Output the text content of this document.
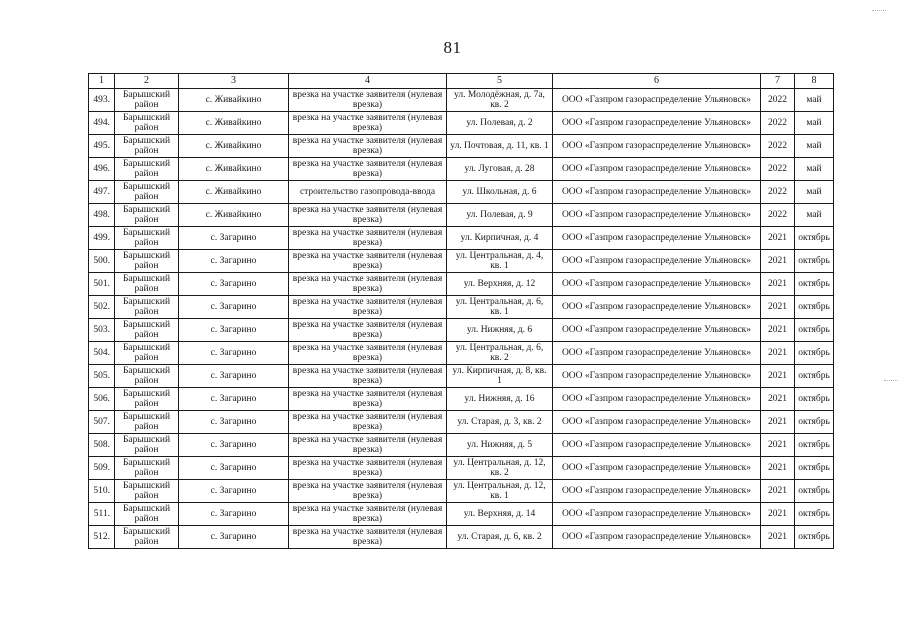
81
1	2	3	4	5	6	7	8
493.	Барышский район	с. Живайкино	врезка на участке заявителя (нулевая врезка)	ул. Молодёжная, д. 7а, кв. 2	ООО «Газпром газораспределение Ульяновск»	2022	май
494.	Барышский район	с. Живайкино	врезка на участке заявителя (нулевая врезка)	ул. Полевая, д. 2	ООО «Газпром газораспределение Ульяновск»	2022	май
495.	Барышский район	с. Живайкино	врезка на участке заявителя (нулевая врезка)	ул. Почтовая, д. 11, кв. 1	ООО «Газпром газораспределение Ульяновск»	2022	май
496.	Барышский район	с. Живайкино	врезка на участке заявителя (нулевая врезка)	ул. Луговая, д. 28	ООО «Газпром газораспределение Ульяновск»	2022	май
497.	Барышский район	с. Живайкино	строительство газопровода-ввода	ул. Школьная, д. 6	ООО «Газпром газораспределение Ульяновск»	2022	май
498.	Барышский район	с. Живайкино	врезка на участке заявителя (нулевая врезка)	ул. Полевая, д. 9	ООО «Газпром газораспределение Ульяновск»	2022	май
499.	Барышский район	с. Загарино	врезка на участке заявителя (нулевая врезка)	ул. Кирпичная, д. 4	ООО «Газпром газораспределение Ульяновск»	2021	октябрь
500.	Барышский район	с. Загарино	врезка на участке заявителя (нулевая врезка)	ул. Центральная, д. 4, кв. 1	ООО «Газпром газораспределение Ульяновск»	2021	октябрь
501.	Барышский район	с. Загарино	врезка на участке заявителя (нулевая врезка)	ул. Верхняя, д. 12	ООО «Газпром газораспределение Ульяновск»	2021	октябрь
502.	Барышский район	с. Загарино	врезка на участке заявителя (нулевая врезка)	ул. Центральная, д. 6, кв. 1	ООО «Газпром газораспределение Ульяновск»	2021	октябрь
503.	Барышский район	с. Загарино	врезка на участке заявителя (нулевая врезка)	ул. Нижняя, д. 6	ООО «Газпром газораспределение Ульяновск»	2021	октябрь
504.	Барышский район	с. Загарино	врезка на участке заявителя (нулевая врезка)	ул. Центральная, д. 6, кв. 2	ООО «Газпром газораспределение Ульяновск»	2021	октябрь
505.	Барышский район	с. Загарино	врезка на участке заявителя (нулевая врезка)	ул. Кирпичная, д. 8, кв. 1	ООО «Газпром газораспределение Ульяновск»	2021	октябрь
506.	Барышский район	с. Загарино	врезка на участке заявителя (нулевая врезка)	ул. Нижняя, д. 16	ООО «Газпром газораспределение Ульяновск»	2021	октябрь
507.	Барышский район	с. Загарино	врезка на участке заявителя (нулевая врезка)	ул. Старая, д. 3, кв. 2	ООО «Газпром газораспределение Ульяновск»	2021	октябрь
508.	Барышский район	с. Загарино	врезка на участке заявителя (нулевая врезка)	ул. Нижняя, д. 5	ООО «Газпром газораспределение Ульяновск»	2021	октябрь
509.	Барышский район	с. Загарино	врезка на участке заявителя (нулевая врезка)	ул. Центральная, д. 12, кв. 2	ООО «Газпром газораспределение Ульяновск»	2021	октябрь
510.	Барышский район	с. Загарино	врезка на участке заявителя (нулевая врезка)	ул. Центральная, д. 12, кв. 1	ООО «Газпром газораспределение Ульяновск»	2021	октябрь
511.	Барышский район	с. Загарино	врезка на участке заявителя (нулевая врезка)	ул. Верхняя, д. 14	ООО «Газпром газораспределение Ульяновск»	2021	октябрь
512.	Барышский район	с. Загарино	врезка на участке заявителя (нулевая врезка)	ул. Старая, д. 6, кв. 2	ООО «Газпром газораспределение Ульяновск»	2021	октябрь
